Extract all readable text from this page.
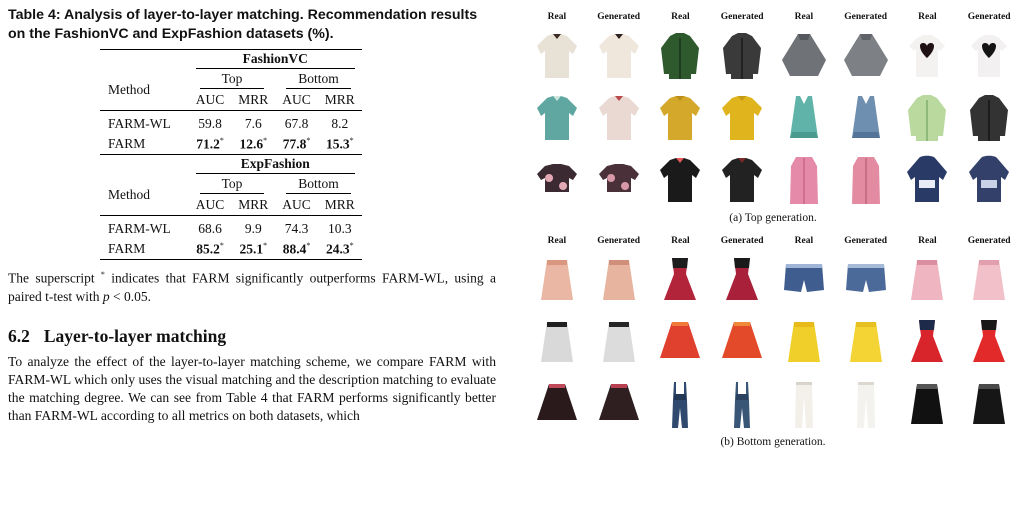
Table 4: Analysis of layer-to-layer matching. Recommendation results on the FashionVC and ExpFashion datasets (%).

	FashionVC			

Method	Top		Bottom	

	AUC	MRR	AUC	MRR
FARM-WL	59.8	7.6	67.8	8.2
FARM	71.2*	12.6*	77.8*	15.3*

	ExpFashion			

Method	Top		Bottom	

	AUC	MRR	AUC	MRR
FARM-WL	68.6	9.9	74.3	10.3
FARM	85.2*	25.1*	88.4*	24.3*
The superscript * indicates that FARM significantly outperforms FARM-WL, using a paired t-test with p < 0.05.
6.2 Layer-to-layer matching
To analyze the effect of the layer-to-layer matching scheme, we compare FARM with FARM-WL which only uses the visual matching and the description matching to evaluate the matching degree. We can see from Table 4 that FARM performs significantly better than FARM-WL according to all metrics on both datasets, which
Real	Generated	Real	Generated	Real	Generated	Real	Generated
(a) Top generation.
Real	Generated	Real	Generated	Real	Generated	Real	Generated
(b) Bottom generation.
